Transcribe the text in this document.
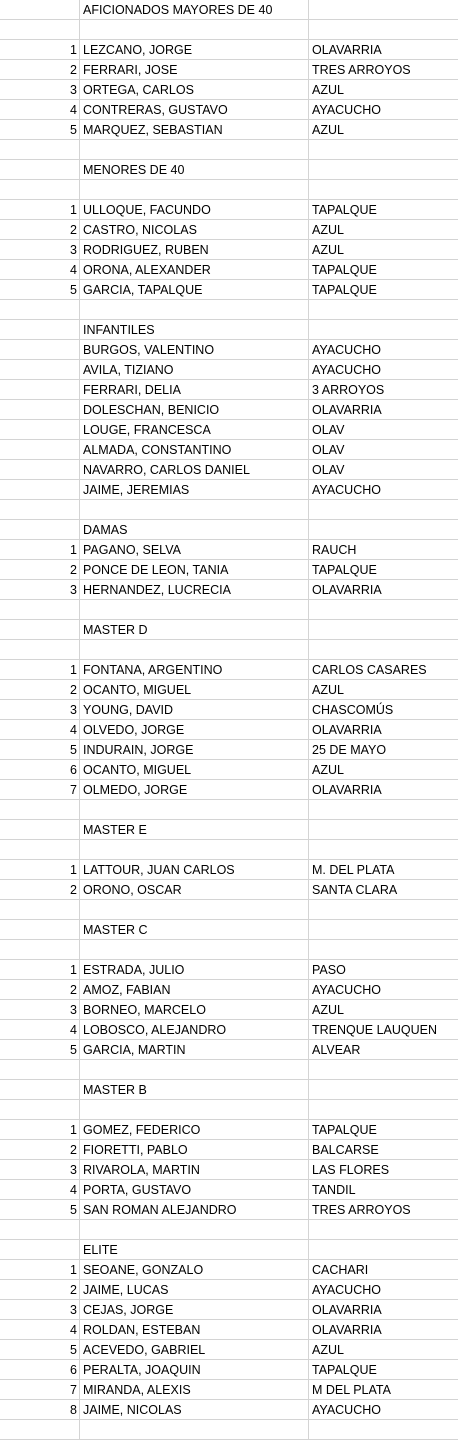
AFICIONADOS MAYORES DE 40
1 LEZCANO, JORGE	OLAVARRIA
2 FERRARI, JOSE	TRES ARROYOS
3 ORTEGA, CARLOS	AZUL
4 CONTRERAS, GUSTAVO	AYACUCHO
5 MARQUEZ, SEBASTIAN	AZUL
MENORES DE 40
1 ULLOQUE, FACUNDO	TAPALQUE
2 CASTRO, NICOLAS	AZUL
3 RODRIGUEZ, RUBEN	AZUL
4 ORONA, ALEXANDER	TAPALQUE
5 GARCIA, TAPALQUE	TAPALQUE
INFANTILES
BURGOS, VALENTINO	AYACUCHO
AVILA, TIZIANO	AYACUCHO
FERRARI, DELIA	3 ARROYOS
DOLESCHAN, BENICIO	OLAVARRIA
LOUGE, FRANCESCA	OLAV
ALMADA, CONSTANTINO	OLAV
NAVARRO, CARLOS DANIEL	OLAV
JAIME, JEREMIAS	AYACUCHO
DAMAS
1 PAGANO, SELVA	RAUCH
2 PONCE DE LEON, TANIA	TAPALQUE
3 HERNANDEZ, LUCRECIA	OLAVARRIA
MASTER D
1 FONTANA, ARGENTINO	CARLOS CASARES
2 OCANTO, MIGUEL	AZUL
3 YOUNG, DAVID	CHASCOMÚS
4 OLVEDO, JORGE	OLAVARRIA
5 INDURAIN, JORGE	25 DE MAYO
6 OCANTO, MIGUEL	AZUL
7 OLMEDO, JORGE	OLAVARRIA
MASTER E
1 LATTOUR, JUAN CARLOS	M. DEL PLATA
2 ORONO, OSCAR	SANTA CLARA
MASTER C
1 ESTRADA, JULIO	PASO
2 AMOZ, FABIAN	AYACUCHO
3 BORNEO, MARCELO	AZUL
4 LOBOSCO, ALEJANDRO	TRENQUE LAUQUEN
5 GARCIA, MARTIN	ALVEAR
MASTER B
1 GOMEZ, FEDERICO	TAPALQUE
2 FIORETTI, PABLO	BALCARSE
3 RIVAROLA, MARTIN	LAS FLORES
4 PORTA, GUSTAVO	TANDIL
5 SAN ROMAN ALEJANDRO	TRES ARROYOS
ELITE
1 SEOANE, GONZALO	CACHARI
2 JAIME, LUCAS	AYACUCHO
3 CEJAS, JORGE	OLAVARRIA
4 ROLDAN, ESTEBAN	OLAVARRIA
5 ACEVEDO, GABRIEL	AZUL
6 PERALTA, JOAQUIN	TAPALQUE
7 MIRANDA, ALEXIS	M DEL PLATA
8 JAIME, NICOLAS	AYACUCHO
